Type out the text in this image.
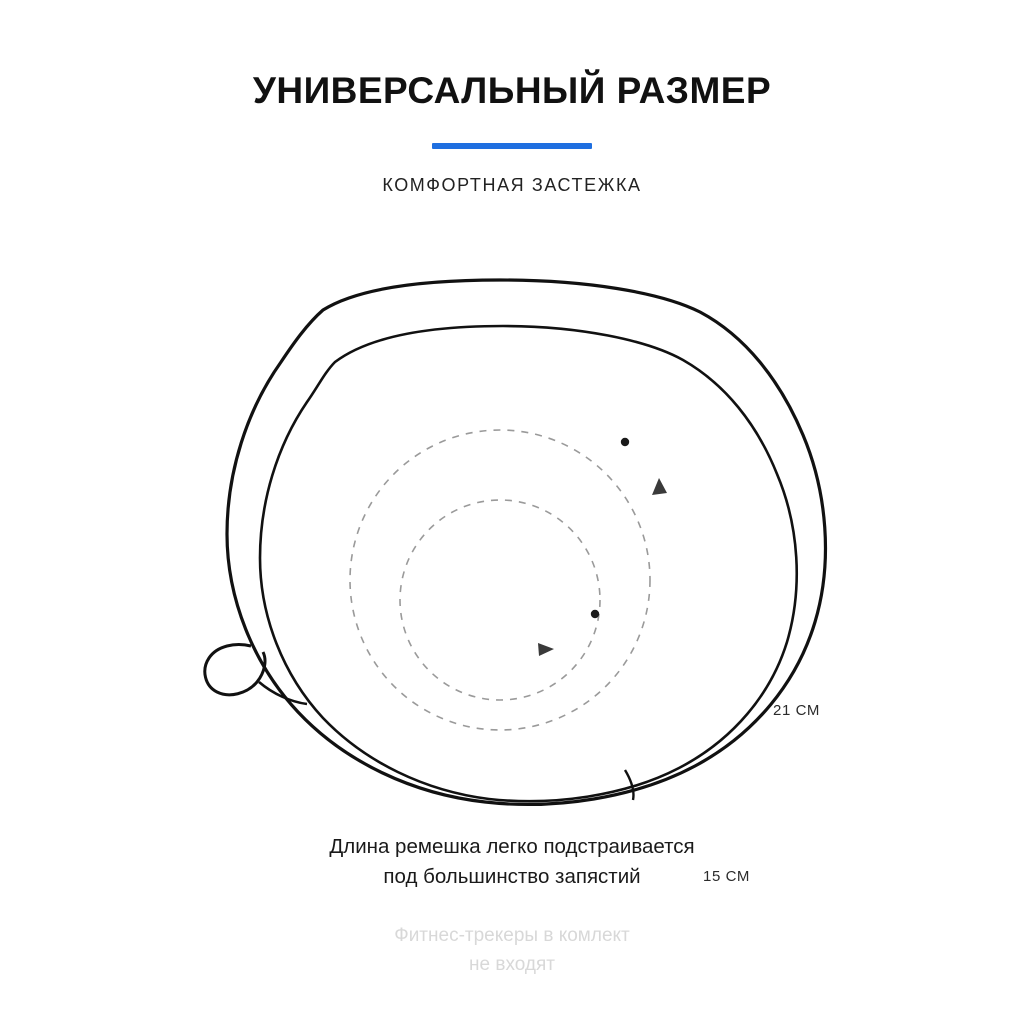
УНИВЕРСАЛЬНЫЙ РАЗМЕР
КОМФОРТНАЯ ЗАСТЕЖКА
21 СМ
15 СМ
Длина ремешка легко подстраивается
под большинство запястий
Фитнес-трекеры в комлект
не входят
